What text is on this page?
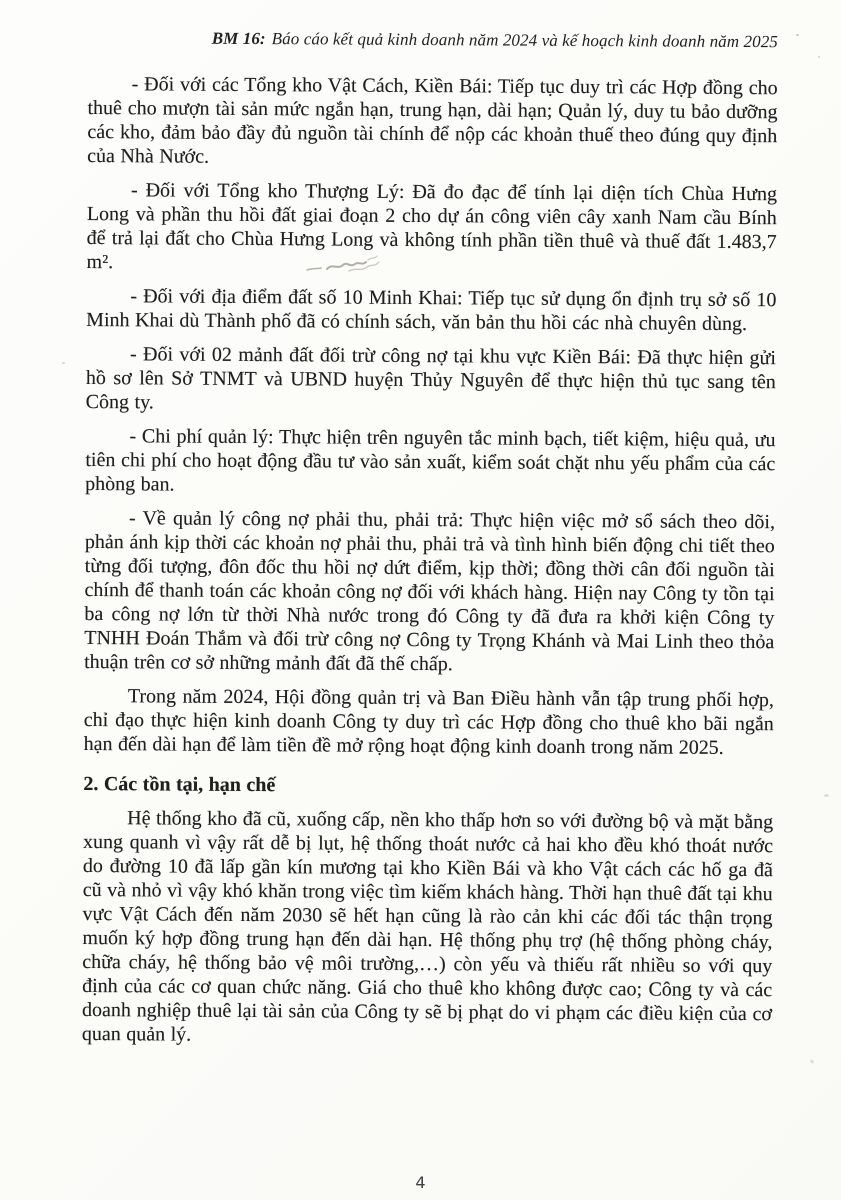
BM 16: Báo cáo kết quả kinh doanh năm 2024 và kế hoạch kinh doanh năm 2025

- Đối với các Tổng kho Vật Cách, Kiền Bái: Tiếp tục duy trì các Hợp đồng cho thuê cho mượn tài sản mức ngắn hạn, trung hạn, dài hạn; Quản lý, duy tu bảo dưỡng các kho, đảm bảo đầy đủ nguồn tài chính để nộp các khoản thuế theo đúng quy định của Nhà Nước.

- Đối với Tổng kho Thượng Lý: Đã đo đạc để tính lại diện tích Chùa Hưng Long và phần thu hồi đất giai đoạn 2 cho dự án công viên cây xanh Nam cầu Bính để trả lại đất cho Chùa Hưng Long và không tính phần tiền thuê và thuế đất 1.483,7 m².

- Đối với địa điểm đất số 10 Minh Khai: Tiếp tục sử dụng ổn định trụ sở số 10 Minh Khai dù Thành phố đã có chính sách, văn bản thu hồi các nhà chuyên dùng.

- Đối với 02 mảnh đất đối trừ công nợ tại khu vực Kiền Bái: Đã thực hiện gửi hồ sơ lên Sở TNMT và UBND huyện Thủy Nguyên để thực hiện thủ tục sang tên Công ty.

- Chi phí quản lý: Thực hiện trên nguyên tắc minh bạch, tiết kiệm, hiệu quả, ưu tiên chi phí cho hoạt động đầu tư vào sản xuất, kiểm soát chặt nhu yếu phẩm của các phòng ban.

- Về quản lý công nợ phải thu, phải trả: Thực hiện việc mở sổ sách theo dõi, phản ánh kịp thời các khoản nợ phải thu, phải trả và tình hình biến động chi tiết theo từng đối tượng, đôn đốc thu hồi nợ dứt điểm, kịp thời; đồng thời cân đối nguồn tài chính để thanh toán các khoản công nợ đối với khách hàng. Hiện nay Công ty tồn tại ba công nợ lớn từ thời Nhà nước trong đó Công ty đã đưa ra khởi kiện Công ty TNHH Đoán Thắm và đối trừ công nợ Công ty Trọng Khánh và Mai Linh theo thỏa thuận trên cơ sở những mảnh đất đã thế chấp.

Trong năm 2024, Hội đồng quản trị và Ban Điều hành vẫn tập trung phối hợp, chỉ đạo thực hiện kinh doanh Công ty duy trì các Hợp đồng cho thuê kho bãi ngắn hạn đến dài hạn để làm tiền đề mở rộng hoạt động kinh doanh trong năm 2025.

2. Các tồn tại, hạn chế

Hệ thống kho đã cũ, xuống cấp, nền kho thấp hơn so với đường bộ và mặt bằng xung quanh vì vậy rất dễ bị lụt, hệ thống thoát nước cả hai kho đều khó thoát nước do đường 10 đã lấp gần kín mương tại kho Kiền Bái và kho Vật cách các hố ga đã cũ và nhỏ vì vậy khó khăn trong việc tìm kiếm khách hàng. Thời hạn thuê đất tại khu vực Vật Cách đến năm 2030 sẽ hết hạn cũng là rào cản khi các đối tác thận trọng muốn ký hợp đồng trung hạn đến dài hạn. Hệ thống phụ trợ (hệ thống phòng cháy, chữa cháy, hệ thống bảo vệ môi trường,…) còn yếu và thiếu rất nhiều so với quy định của các cơ quan chức năng. Giá cho thuê kho không được cao; Công ty và các doanh nghiệp thuê lại tài sản của Công ty sẽ bị phạt do vi phạm các điều kiện của cơ quan quản lý.

4
